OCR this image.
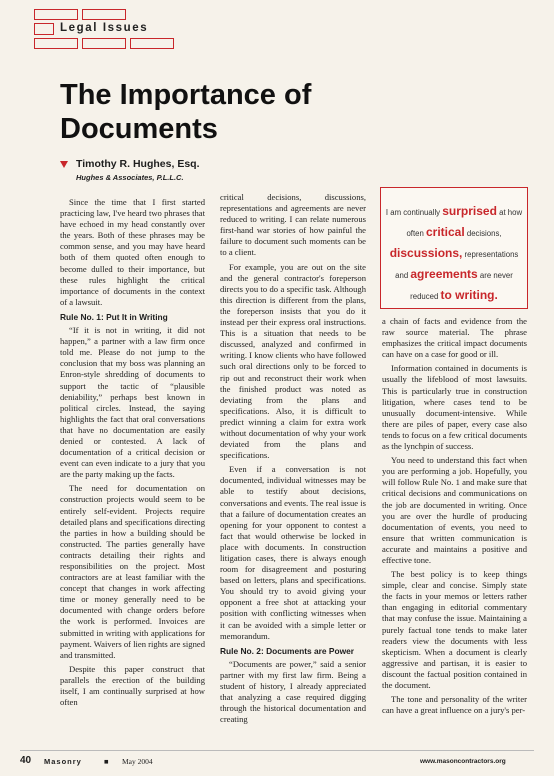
Legal Issues
The Importance of
Documents
Timothy R. Hughes, Esq.
Hughes & Associates, P.L.L.C.

Since the time that I first started practicing law, I've heard two phrases that have echoed in my head constantly over the years. Both of these phrases may be common sense, and you may have heard both of them quoted often enough to become dulled to their importance, but these rules highlight the critical importance of documents in the context of a lawsuit.

Rule No. 1: Put It in Writing

“If it is not in writing, it did not happen,” a partner with a law firm once told me. Please do not jump to the conclusion that my boss was planning an Enron-style shredding of documents to support the tactic of “plausible deniability,” perhaps best known in political circles. Instead, the saying highlights the fact that oral conversations that have no documentation are easily denied or contested. A lack of documentation of a critical decision or event can even indicate to a jury that you are the party making up the facts.

The need for documentation on construction projects would seem to be entirely self-evident. Projects require detailed plans and specifications directing the parties in how a building should be constructed. The parties generally have contracts detailing their rights and responsibilities on the project. Most contractors are at least familiar with the concept that changes in work affecting time or money generally need to be documented with change orders before the work is performed. Invoices are submitted in writing with applications for payment. Waivers of lien rights are signed and transmitted.

Despite this paper construct that parallels the erection of the building itself, I am continually surprised at how often

critical decisions, discussions, representations and agreements are never reduced to writing. I can relate numerous first-hand war stories of how painful the failure to document such moments can be to a client.

For example, you are out on the site and the general contractor's foreperson directs you to do a specific task. Although this direction is different from the plans, the foreperson insists that you do it instead per their express oral instructions. This is a situation that needs to be discussed, analyzed and confirmed in writing. I know clients who have followed such oral directions only to be forced to rip out and reconstruct their work when the finished product was noted as deviating from the plans and specifications. Also, it is difficult to predict winning a claim for extra work without documentation of why your work deviated from the plans and specifications.

Even if a conversation is not documented, individual witnesses may be able to testify about decisions, conversations and events. The real issue is that a failure of documentation creates an opening for your opponent to contest a fact that would otherwise be locked in place with documents. In construction litigation cases, there is always enough room for disagreement and posturing based on letters, plans and specifications. You should try to avoid giving your opponent a free shot at attacking your position with conflicting witnesses when it can be avoided with a simple letter or memorandum.

Rule No. 2: Documents are Power

“Documents are power,” said a senior partner with my first law firm. Being a student of history, I already appreciated that analyzing a case required digging through the historical documentation and creating

I am continually surprised at how
often critical decisions,
discussions, representations
and agreements are never
reduced to writing.

a chain of facts and evidence from the raw source material. The phrase emphasizes the critical impact documents can have on a case for good or ill.

Information contained in documents is usually the lifeblood of most lawsuits. This is particularly true in construction litigation, where cases tend to be unusually document-intensive. While there are piles of paper, every case also tends to focus on a few critical documents as the lynchpin of success.

You need to understand this fact when you are performing a job. Hopefully, you will follow Rule No. 1 and make sure that critical decisions and communications on the job are documented in writing. Once you are over the hurdle of producing documentation of events, you need to ensure that written communication is accurate and maintains a positive and effective tone.

The best policy is to keep things simple, clear and concise. Simply state the facts in your memos or letters rather than engaging in editorial commentary that may confuse the issue. Maintaining a purely factual tone tends to make later readers view the documents with less skepticism. When a document is clearly aggressive and partisan, it is easier to discount the factual position contained in the document.

The tone and personality of the writer can have a great influence on a jury's per-

40 Masonry	■ May 2004	www.masoncontractors.org
